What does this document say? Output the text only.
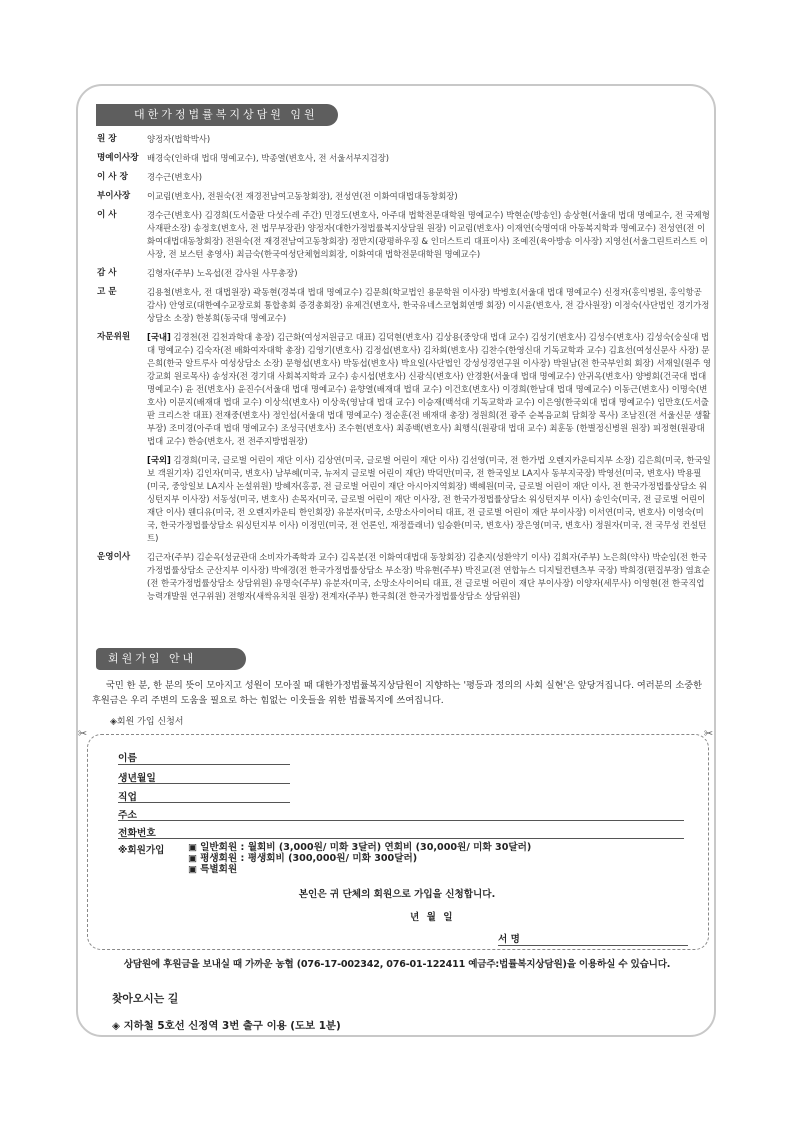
대한가정법률복지상담원 임원
원 장	양정자(법학박사)

명예이사장	배경숙(인하대 법대 명예교수), 박종열(변호사, 전 서울서부지검장)

이 사 장	경수근(변호사)

부이사장	이교림(변호사), 전원숙(전 재경전남여고동창회장), 전성연(전 이화여대법대동창회장)

이 사	경수근(변호사) 김경희(도서출판 다섯수레 주간) 민경도(변호사, 아주대 법학전문대학원 명예교수) 박현순(방송인) 송상현(서울대 법대 명예교수, 전 국제형사재판소장) 송정호(변호사, 전 법무부장관) 양정자(대한가정법률복지상담원 원장) 이교림(변호사) 이재연(숙명여대 아동복지학과 명예교수) 전성연(전 이화여대법대동창회장) 전원숙(전 재경전남여고동창회장) 정만지(광평하우징 & 인더스트리 대표이사) 조예진(육아방송 이사장) 지영선(서울그린트러스트 이사장, 전 보스턴 총영사) 최금숙(한국여성단체협의회장, 이화여대 법학전문대학원 명예교수)

감 사	김형자(주부) 노옥섭(전 감사원 사무총장)

고 문	김용철(변호사, 전 대법원장) 곽동현(경북대 법대 명예교수) 김문희(학교법인 용문학원 이사장) 박병호(서울대 법대 명예교수) 신정자(홍익병원, 홍익항공 감사) 안영로(대한예수교장로회 통합총회 증경총회장) 유제건(변호사, 한국유네스코협회연맹 회장) 이시윤(변호사, 전 감사원장) 이정숙(사단법인 경기가정상담소 소장) 한봉희(동국대 명예교수)

자문위원	[국내] 김경천(전 김천과학대 총장) 김근화(여성저원금고 대표) 김덕현(변호사) 김상용(중앙대 법대 교수) 김성기(변호사) 김성수(변호사) 김성숙(숭실대 법대 명예교수) 김숙자(전 배화여자대학 총장) 김영기(변호사) 김정섭(변호사) 김차회(변호사) 김찬수(한영신대 기독교학과 교수) 김효선(여성신문사 사장) 문은희(한국 알트루사 여성상담소 소장) 문형섭(변호사) 박동섭(변호사) 박요일(사단법인 강성성경연구원 이사장) 박원남(전 한국부인회 회장) 서재일(원주 영강교회 원로목사) 송성자(전 경기대 사회복지학과 교수) 송시섭(변호사) 신광식(변호사) 안경환(서울대 법대 명예교수) 안귀옥(변호사) 양병회(건국대 법대 명예교수) 윤 전(변호사) 윤진수(서울대 법대 명예교수) 윤향열(배재대 법대 교수) 이건호(변호사) 이경희(한남대 법대 명예교수) 이동근(변호사) 이명숙(변호사) 이문지(배재대 법대 교수) 이상석(변호사) 이상욱(영남대 법대 교수) 이승재(백석대 기독교학과 교수) 이은영(한국외대 법대 명예교수) 임만호(도서출판 크리스찬 대표) 전재중(변호사) 정인섭(서울대 법대 명예교수) 정순훈(전 배재대 총장) 정원희(전 광주 순복음교회 담회장 목사) 조남진(전 서울신문 생활부장) 조미경(아주대 법대 명예교수) 조성극(변호사) 조수현(변호사) 최종백(변호사) 최행식(원광대 법대 교수) 최훈동 (한별정신병원 원장) 피정현(원광대 법대 교수) 한승(변호사, 전 전주지방법원장)

[국외] 김경희(미국, 글로벌 어린이 재단 이사) 김상연(미국, 글로벌 어린이 재단 이사) 김선영(미국, 전 한가법 오렌지카운티지부 소장) 김은희(미국, 한국일보 객원기자) 김인자(미국, 변호사) 남부혜(미국, 뉴저지 글로벌 어린이 재단) 박덕만(미국, 전 한국일보 LA지사 동부지국장) 박영선(미국, 변호사) 박용필(미국, 중앙일보 LA지사 논설위원) 방혜자(홍콩, 전 글로벌 어린이 재단 아시아지역회장) 백혜원(미국, 글로벌 어린이 재단 이사, 전 한국가정법률상담소 워싱턴지부 이사장) 서동성(미국, 변호사) 손목자(미국, 글로벌 어린이 재단 이사장, 전 한국가정법률상담소 워싱턴지부 이사) 송인숙(미국, 전 글로벌 어린이 재단 이사) 웬디유(미국, 전 오렌지카운티 한인회장) 유분자(미국, 소망소사이어티 대표, 전 글로벌 어린이 재단 부이사장) 이서연(미국, 변호사) 이영숙(미국, 한국가정법률상담소 워싱턴지부 이사) 이정민(미국, 전 언론인, 재정플래너) 임승환(미국, 변호사) 장은영(미국, 변호사) 정원자(미국, 전 국무성 컨설턴트)

운영이사	김근자(주부) 김순옥(성균관대 소비자가족학과 교수) 김옥분(전 이화여대법대 동창회장) 김춘지(성환약기 이사) 김희자(주부) 노은희(약사) 박순임(전 한국가정법률상담소 군산지부 이사장) 박애경(전 한국가정법률상담소 부소장) 박유현(주부) 박진교(전 연합뉴스 디지털컨텐츠부 국장) 박희경(편집부장) 염효순(전 한국가정법률상담소 상담위원) 유명숙(주부) 유분자(미국, 소망소사이어티 대표, 전 글로벌 어린이 재단 부이사장) 이양자(세무사) 이영현(전 한국직업능력개발원 연구위원) 전행자(새싹유치원 원장) 전계자(주부) 한국희(전 한국가정법률상담소 상담위원)

회원가입 안내

국민 한 분, 한 분의 뜻이 모아지고 성원이 모아질 때 대한가정법률복지상담원이 지향하는 '평등과 정의의 사회 실현'은 앞당겨집니다. 여러분의 소중한 후원금은 우리 주변의 도움을 필요로 하는 힘없는 이웃들을 위한 법률복지에 쓰여집니다.

◈회원 가입 신청서
✂	✂
이름
생년월일
직업
주소
전화번호
※회원가입
▣	일반회원 : 월회비 (3,000원/ 미화 3달러) 연회비 (30,000원/ 미화 30달러)
▣ 평생회원 : 평생회비 (300,000원/ 미화 300달러)
▣ 특별회원
본인은 귀 단체의 회원으로 가입을 신청합니다.
년 월 일
서 명
상담원에 후원금을 보내실 때 가까운 농협 (076-17-002342, 076-01-122411 예금주:법률복지상담원)을 이용하실 수 있습니다.
찾아오시는 길
◈ 지하철 5호선 신정역 3번 출구 이용 (도보 1분)
